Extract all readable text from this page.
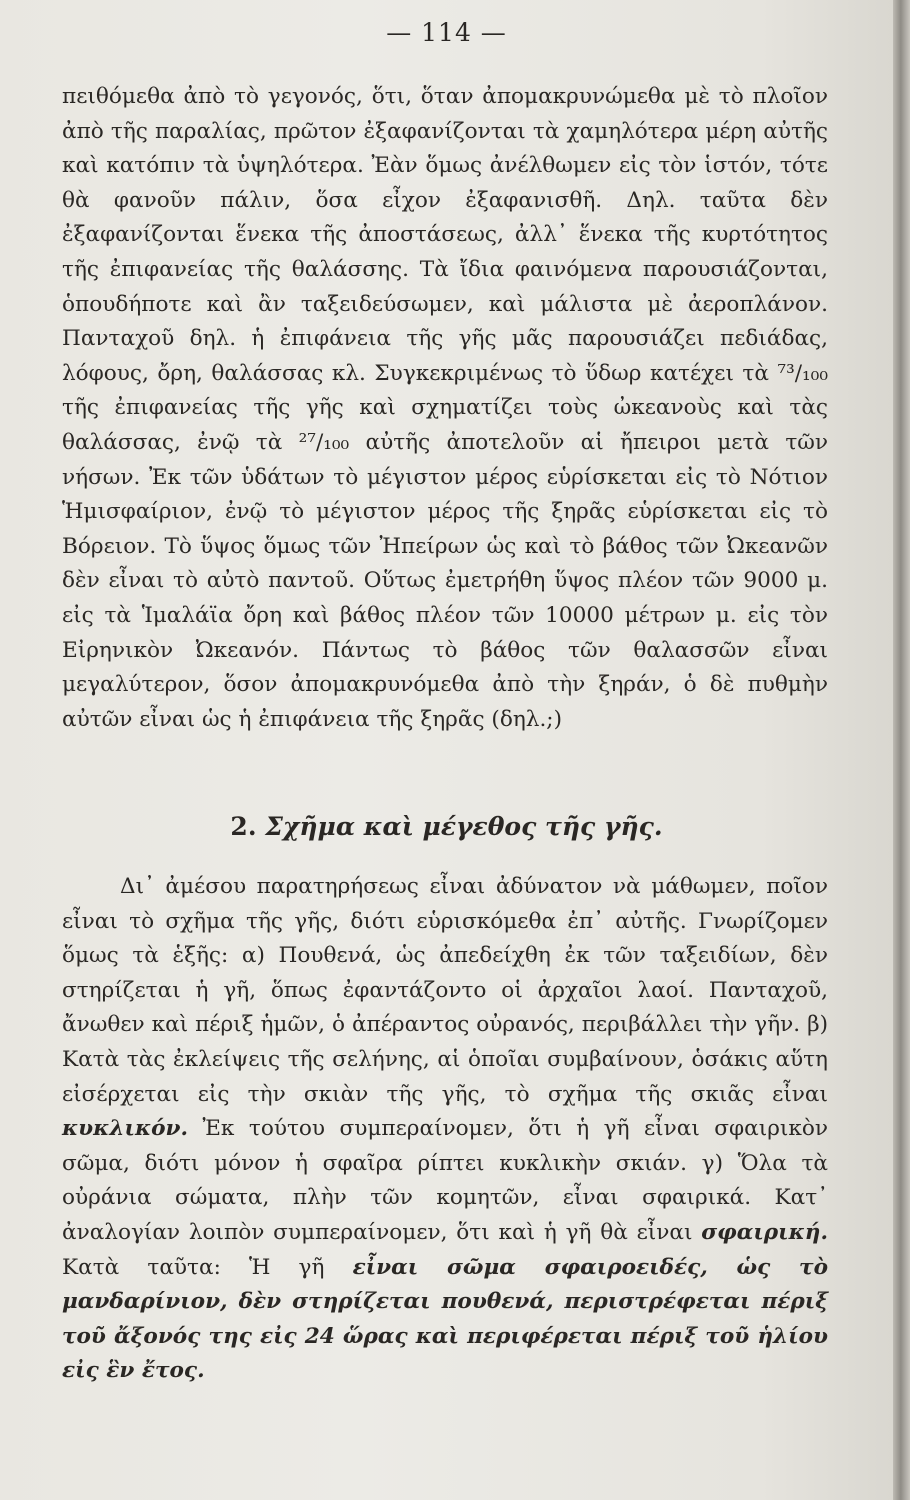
— 114 —

πειθόμεθα ἀπὸ τὸ γεγονός, ὅτι, ὅταν ἀπομακρυνώμεθα μὲ τὸ πλοῖον ἀπὸ τῆς παραλίας, πρῶτον ἐξαφανίζονται τὰ χαμηλότερα μέρη αὐτῆς καὶ κατόπιν τὰ ὑψηλότερα. Ἐὰν ὅμως ἀνέλθωμεν εἰς τὸν ἱστόν, τότε θὰ φανοῦν πάλιν, ὅσα εἶχον ἐξαφανισθῆ. Δηλ. ταῦτα δὲν ἐξαφανίζονται ἕνεκα τῆς ἀποστάσεως, ἀλλ᾽ ἕνεκα τῆς κυρτότητος τῆς ἐπιφανείας τῆς θαλάσσης. Τὰ ἴδια φαινόμενα παρουσιάζονται, ὁπουδήποτε καὶ ἂν ταξειδεύσωμεν, καὶ μάλιστα μὲ ἀεροπλάνον. Πανταχοῦ δηλ. ἡ ἐπιφάνεια τῆς γῆς μᾶς παρουσιάζει πεδιάδας, λόφους, ὄρη, θαλάσσας κλ. Συγκεκριμένως τὸ ὕδωρ κατέχει τὰ ⁷³/₁₀₀ τῆς ἐπιφανείας τῆς γῆς καὶ σχηματίζει τοὺς ὠκεανοὺς καὶ τὰς θαλάσσας, ἐνῷ τὰ ²⁷/₁₀₀ αὐτῆς ἀποτελοῦν αἱ ἤπειροι μετὰ τῶν νήσων. Ἐκ τῶν ὑδάτων τὸ μέγιστον μέρος εὑρίσκεται εἰς τὸ Νότιον Ἡμισφαίριον, ἐνῷ τὸ μέγιστον μέρος τῆς ξηρᾶς εὑρίσκεται εἰς τὸ Βόρειον. Τὸ ὕψος ὅμως τῶν Ἠπείρων ὡς καὶ τὸ βάθος τῶν Ὠκεανῶν δὲν εἶναι τὸ αὐτὸ παντοῦ. Οὕτως ἐμετρήθη ὕψος πλέον τῶν 9000 μ. εἰς τὰ Ἱμαλάϊα ὄρη καὶ βάθος πλέον τῶν 10000 μέτρων μ. εἰς τὸν Εἰρηνικὸν Ὠκεανόν. Πάντως τὸ βάθος τῶν θαλασσῶν εἶναι μεγαλύτερον, ὅσον ἀπομακρυνόμεθα ἀπὸ τὴν ξηράν, ὁ δὲ πυθμὴν αὐτῶν εἶναι ὡς ἡ ἐπιφάνεια τῆς ξηρᾶς (δηλ.;)

2. Σχῆμα καὶ μέγεθος τῆς γῆς.

Δι᾽ ἀμέσου παρατηρήσεως εἶναι ἀδύνατον νὰ μάθωμεν, ποῖον εἶναι τὸ σχῆμα τῆς γῆς, διότι εὑρισκόμεθα ἐπ᾽ αὐτῆς. Γνωρίζομεν ὅμως τὰ ἑξῆς: α) Πουθενά, ὡς ἀπεδείχθη ἐκ τῶν ταξειδίων, δὲν στηρίζεται ἡ γῆ, ὅπως ἐφαντάζοντο οἱ ἀρχαῖοι λαοί. Πανταχοῦ, ἄνωθεν καὶ πέριξ ἡμῶν, ὁ ἀπέραντος οὐρανός, περιβάλλει τὴν γῆν. β) Κατὰ τὰς ἐκλείψεις τῆς σελήνης, αἱ ὁποῖαι συμβαίνουν, ὁσάκις αὕτη εἰσέρχεται εἰς τὴν σκιὰν τῆς γῆς, τὸ σχῆμα τῆς σκιᾶς εἶναι κυκλικόν. Ἐκ τούτου συμπεραίνομεν, ὅτι ἡ γῆ εἶναι σφαιρικὸν σῶμα, διότι μόνον ἡ σφαῖρα ρίπτει κυκλικὴν σκιάν. γ) Ὅλα τὰ οὐράνια σώματα, πλὴν τῶν κομητῶν, εἶναι σφαιρικά. Κατ᾽ ἀναλογίαν λοιπὸν συμπεραίνομεν, ὅτι καὶ ἡ γῆ θὰ εἶναι σφαιρική. Κατὰ ταῦτα: Ἡ γῆ εἶναι σῶμα σφαιροειδές, ὡς τὸ μανδαρίνιον, δὲν στηρίζεται πουθενά, περιστρέφεται πέριξ τοῦ ἄξονός της εἰς 24 ὥρας καὶ περιφέρεται πέριξ τοῦ ἡλίου εἰς ἓν ἔτος.
